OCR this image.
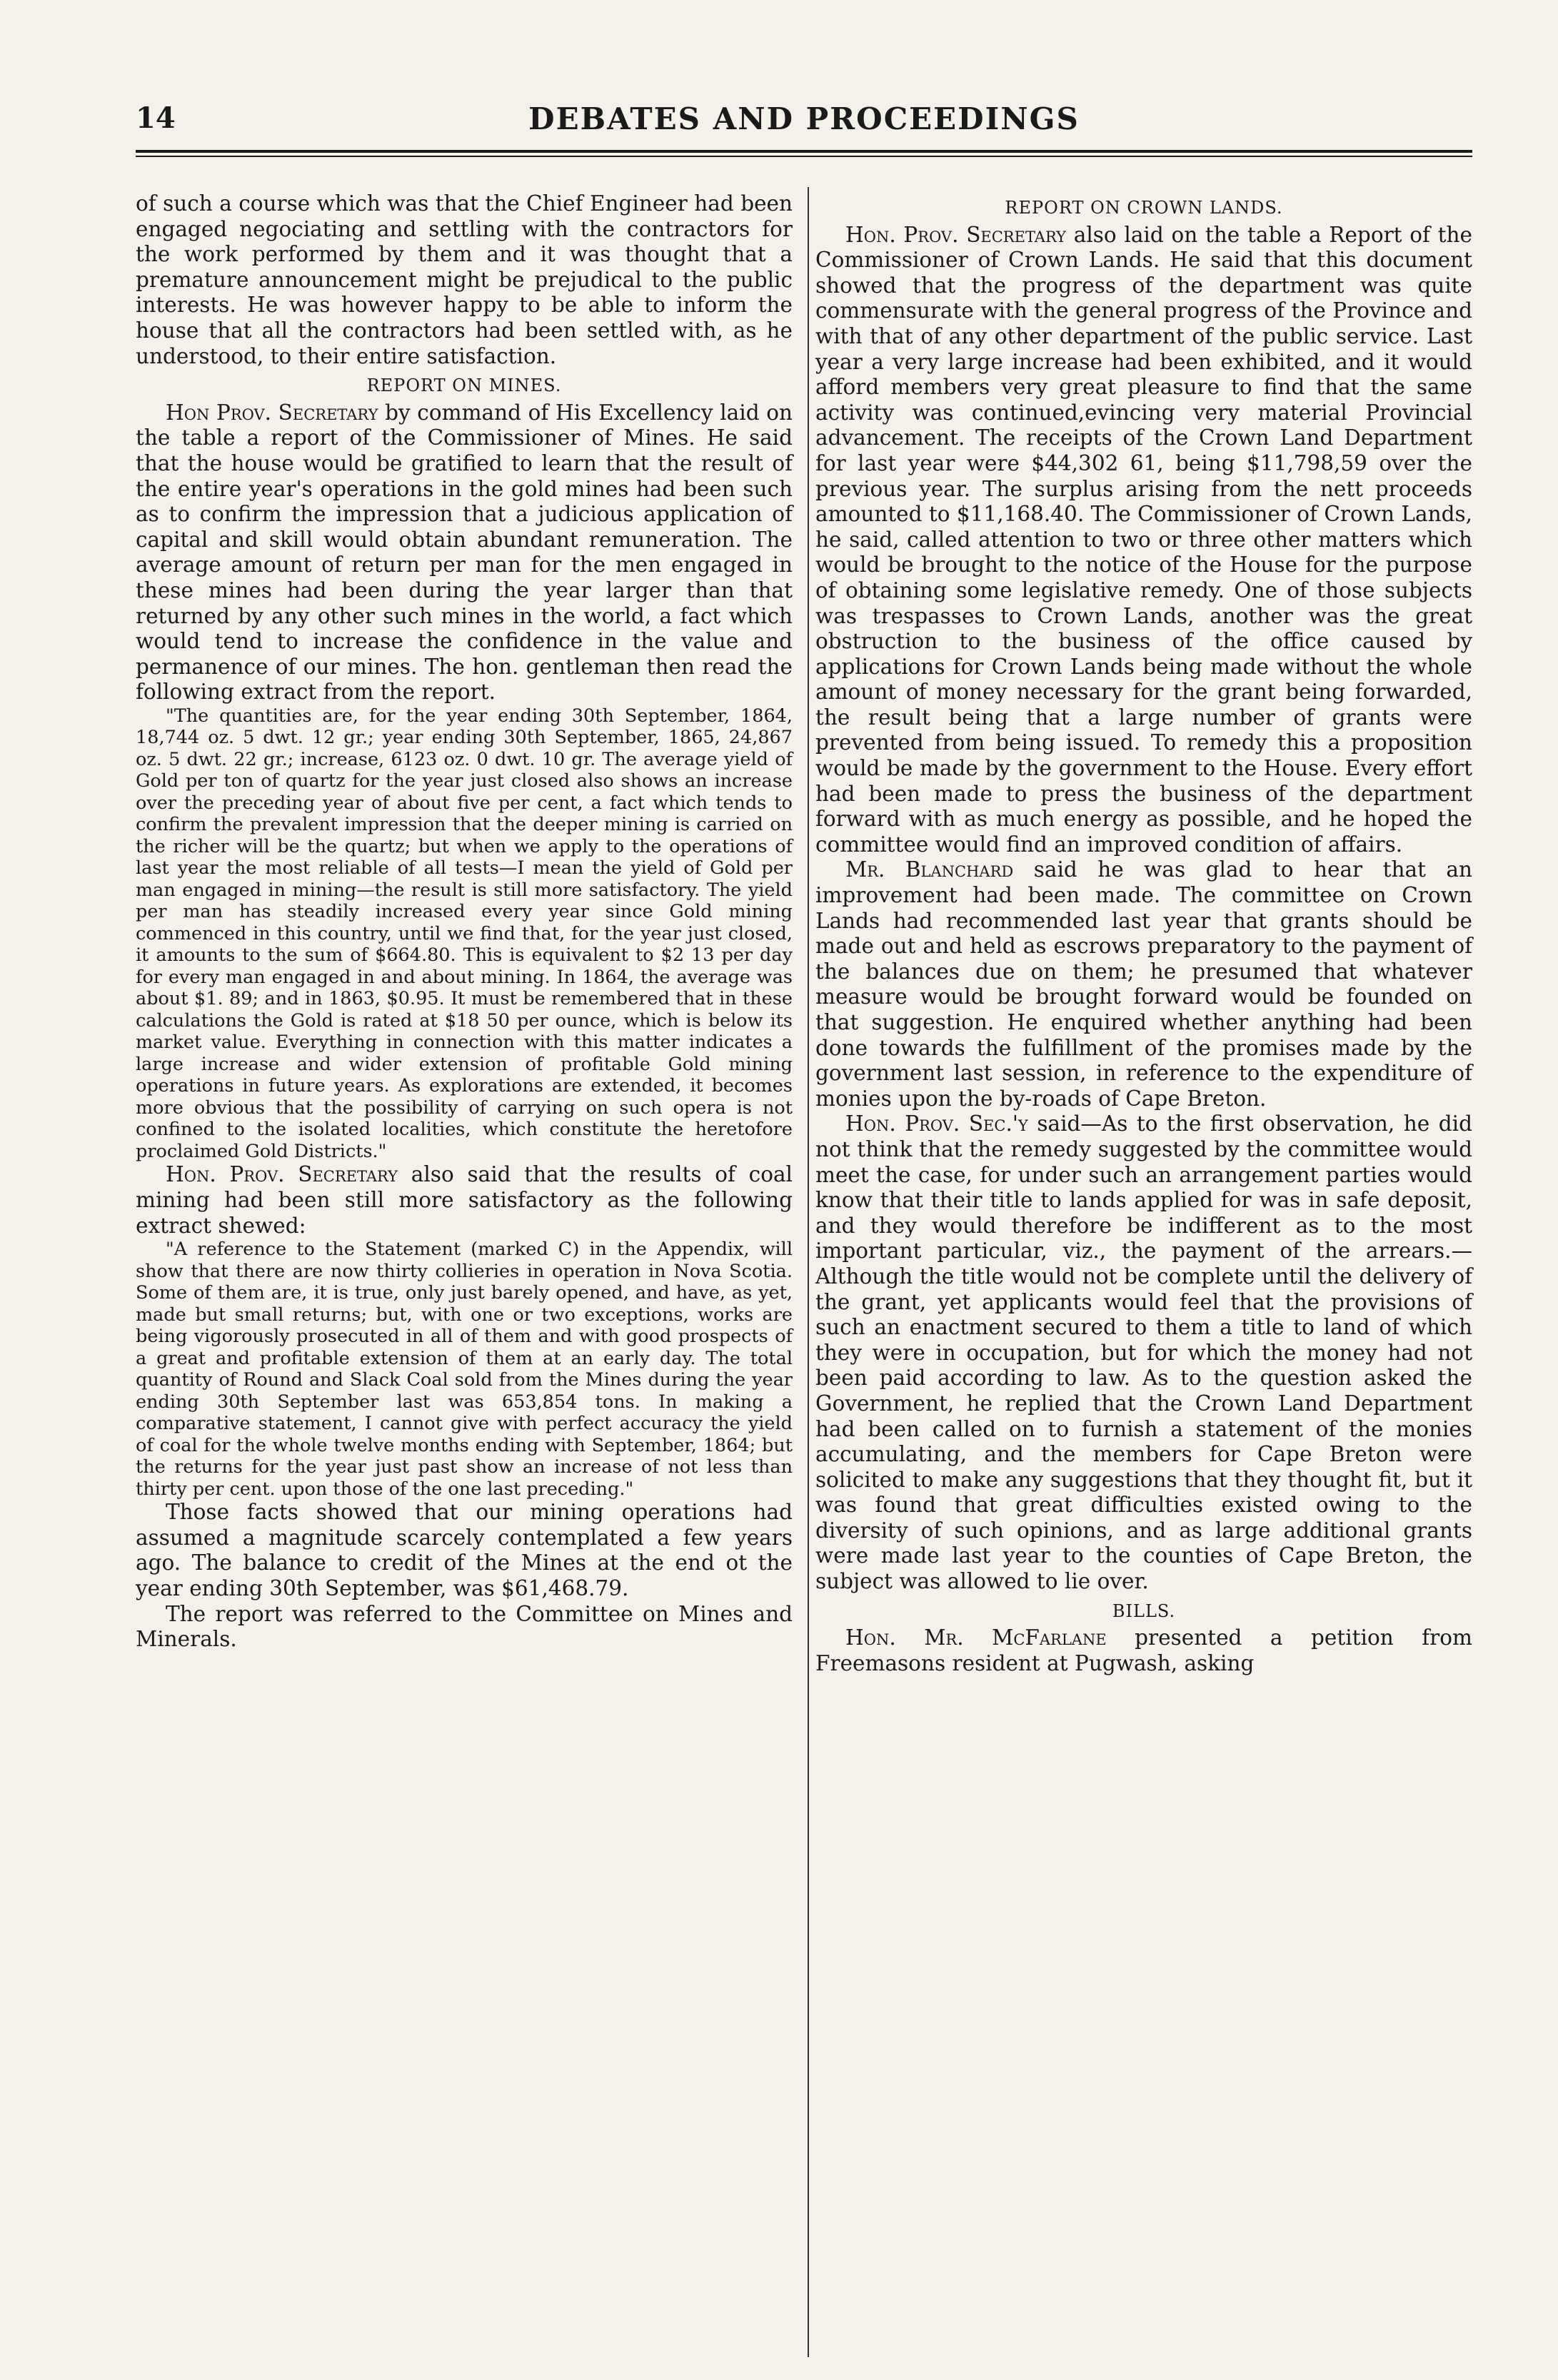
14	DEBATES AND PROCEEDINGS

of such a course which was that the Chief Engineer had been engaged negociating and settling with the contractors for the work performed by them and it was thought that a premature announcement might be prejudical to the public interests. He was however happy to be able to inform the house that all the contractors had been settled with, as he understood, to their entire satisfaction.

REPORT ON MINES.

Hon Prov. Secretary by command of His Excellency laid on the table a report of the Commissioner of Mines. He said that the house would be gratified to learn that the result of the entire year's operations in the gold mines had been such as to confirm the impression that a judicious application of capital and skill would obtain abundant remuneration. The average amount of return per man for the men engaged in these mines had been during the year larger than that returned by any other such mines in the world, a fact which would tend to increase the confidence in the value and permanence of our mines. The hon. gentleman then read the following extract from the report.

"The quantities are, for the year ending 30th September, 1864, 18,744 oz. 5 dwt. 12 gr.; year ending 30th September, 1865, 24,867 oz. 5 dwt. 22 gr.; increase, 6123 oz. 0 dwt. 10 gr. The average yield of Gold per ton of quartz for the year just closed also shows an increase over the preceding year of about five per cent, a fact which tends to confirm the prevalent impression that the deeper mining is carried on the richer will be the quartz; but when we apply to the operations of last year the most reliable of all tests—I mean the yield of Gold per man engaged in mining—the result is still more satisfactory. The yield per man has steadily increased every year since Gold mining commenced in this country, until we find that, for the year just closed, it amounts to the sum of $664.80. This is equivalent to $2 13 per day for every man engaged in and about mining. In 1864, the average was about $1. 89; and in 1863, $0.95. It must be remembered that in these calculations the Gold is rated at $18 50 per ounce, which is below its market value. Everything in connection with this matter indicates a large increase and wider extension of profitable Gold mining operations in future years. As explorations are extended, it becomes more obvious that the possibility of carrying on such opera is not confined to the isolated localities, which constitute the heretofore proclaimed Gold Districts."

Hon. Prov. Secretary also said that the results of coal mining had been still more satisfactory as the following extract shewed:

"A reference to the Statement (marked C) in the Appendix, will show that there are now thirty collieries in operation in Nova Scotia. Some of them are, it is true, only just barely opened, and have, as yet, made but small returns; but, with one or two exceptions, works are being vigorously prosecuted in all of them and with good prospects of a great and profitable extension of them at an early day. The total quantity of Round and Slack Coal sold from the Mines during the year ending 30th September last was 653,854 tons. In making a comparative statement, I cannot give with perfect accuracy the yield of coal for the whole twelve months ending with September, 1864; but the returns for the year just past show an increase of not less than thirty per cent. upon those of the one last preceding."

Those facts showed that our mining operations had assumed a magnitude scarcely contemplated a few years ago. The balance to credit of the Mines at the end ot the year ending 30th September, was $61,468.79.

The report was referred to the Committee on Mines and Minerals.

REPORT ON CROWN LANDS.

Hon. Prov. Secretary also laid on the table a Report of the Commissioner of Crown Lands. He said that this document showed that the progress of the department was quite commensurate with the general progress of the Province and with that of any other department of the public service. Last year a very large increase had been exhibited, and it would afford members very great pleasure to find that the same activity was continued,evincing very material Provincial advancement. The receipts of the Crown Land Department for last year were $44,302 61, being $11,798,59 over the previous year. The surplus arising from the nett proceeds amounted to $11,168.40. The Commissioner of Crown Lands, he said, called attention to two or three other matters which would be brought to the notice of the House for the purpose of obtaining some legislative remedy. One of those subjects was trespasses to Crown Lands, another was the great obstruction to the business of the office caused by applications for Crown Lands being made without the whole amount of money necessary for the grant being forwarded, the result being that a large number of grants were prevented from being issued. To remedy this a proposition would be made by the government to the House. Every effort had been made to press the business of the department forward with as much energy as possible, and he hoped the committee would find an improved condition of affairs.

Mr. Blanchard said he was glad to hear that an improvement had been made. The committee on Crown Lands had recommended last year that grants should be made out and held as escrows preparatory to the payment of the balances due on them; he presumed that whatever measure would be brought forward would be founded on that suggestion. He enquired whether anything had been done towards the fulfillment of the promises made by the government last session, in reference to the expenditure of monies upon the by-roads of Cape Breton.

Hon. Prov. Sec.'y said—As to the first observation, he did not think that the remedy suggested by the committee would meet the case, for under such an arrangement parties would know that their title to lands applied for was in safe deposit, and they would therefore be indifferent as to the most important particular, viz., the payment of the arrears.—Although the title would not be complete until the delivery of the grant, yet applicants would feel that the provisions of such an enactment secured to them a title to land of which they were in occupation, but for which the money had not been paid according to law. As to the question asked the Government, he replied that the Crown Land Department had been called on to furnish a statement of the monies accumulating, and the members for Cape Breton were solicited to make any suggestions that they thought fit, but it was found that great difficulties existed owing to the diversity of such opinions, and as large additional grants were made last year to the counties of Cape Breton, the subject was allowed to lie over.

BILLS.

Hon. Mr. McFarlane presented a petition from Freemasons resident at Pugwash, asking
